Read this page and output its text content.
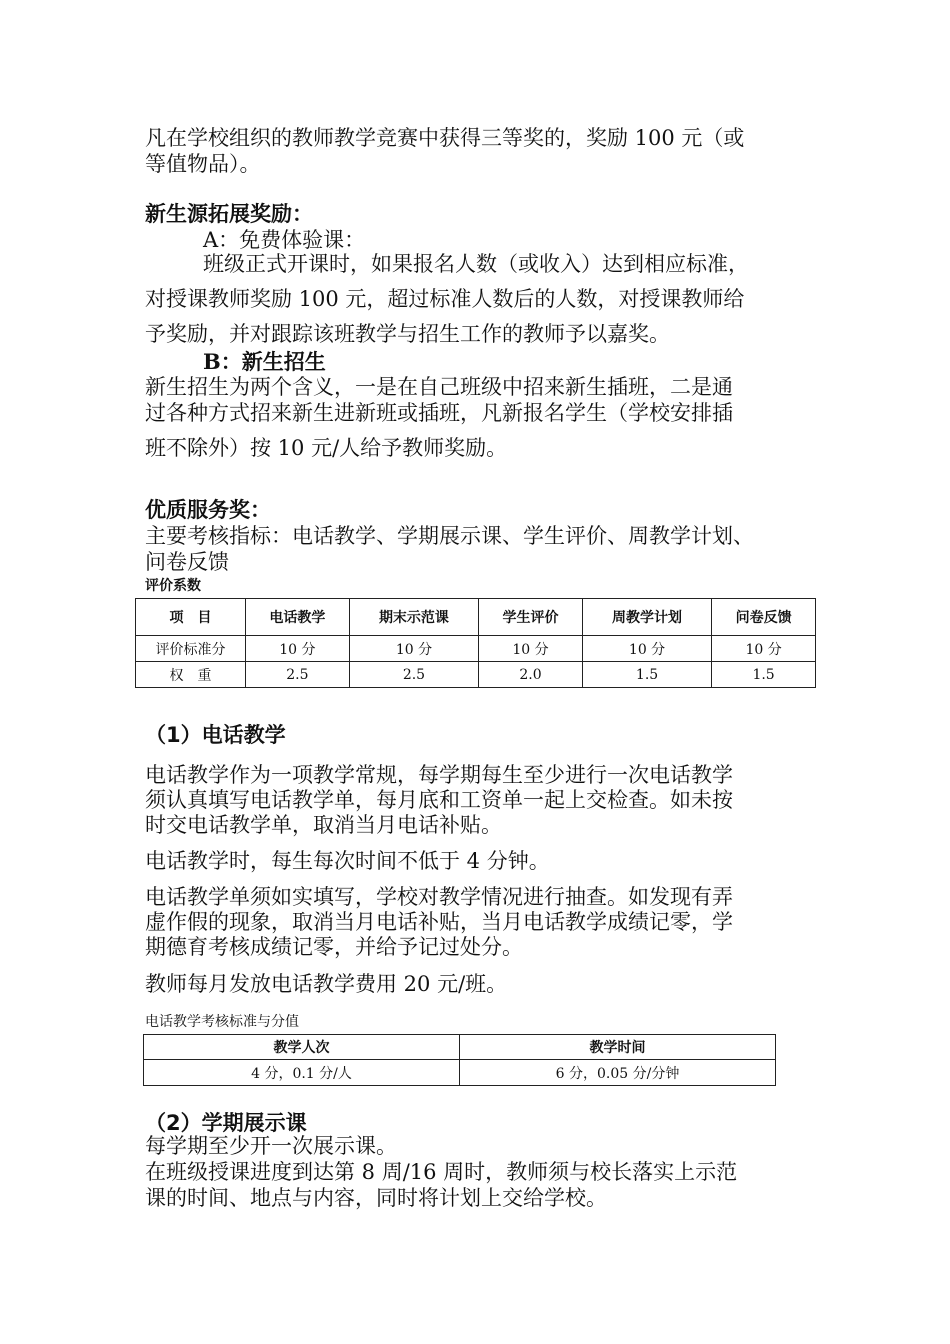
凡在学校组织的教师教学竞赛中获得三等奖的，奖励 100 元（或
等值物品）。
新生源拓展奖励：
A：免费体验课：
班级正式开课时，如果报名人数（或收入）达到相应标准，
对授课教师奖励 100 元，超过标准人数后的人数，对授课教师给
予奖励，并对跟踪该班教学与招生工作的教师予以嘉奖。
B：新生招生
新生招生为两个含义，一是在自己班级中招来新生插班，二是通
过各种方式招来新生进新班或插班，凡新报名学生（学校安排插
班不除外）按 10 元/人给予教师奖励。
优质服务奖：
主要考核指标：电话教学、学期展示课、学生评价、周教学计划、
问卷反馈
评价系数
项　目	电话教学	期末示范课	学生评价	周教学计划	问卷反馈
评价标准分	10 分	10 分	10 分	10 分	10 分
权　重	2.5	2.5	2.0	1.5	1.5
（1）电话教学
电话教学作为一项教学常规，每学期每生至少进行一次电话教学
须认真填写电话教学单，每月底和工资单一起上交检查。如未按
时交电话教学单，取消当月电话补贴。
电话教学时，每生每次时间不低于 4 分钟。
电话教学单须如实填写，学校对教学情况进行抽查。如发现有弄
虚作假的现象，取消当月电话补贴，当月电话教学成绩记零，学
期德育考核成绩记零，并给予记过处分。
教师每月发放电话教学费用 20 元/班。
电话教学考核标准与分值
教学人次	教学时间
4 分，0.1 分/人	6 分，0.05 分/分钟
（2）学期展示课
每学期至少开一次展示课。
在班级授课进度到达第 8 周/16 周时，教师须与校长落实上示范
课的时间、地点与内容，同时将计划上交给学校。
